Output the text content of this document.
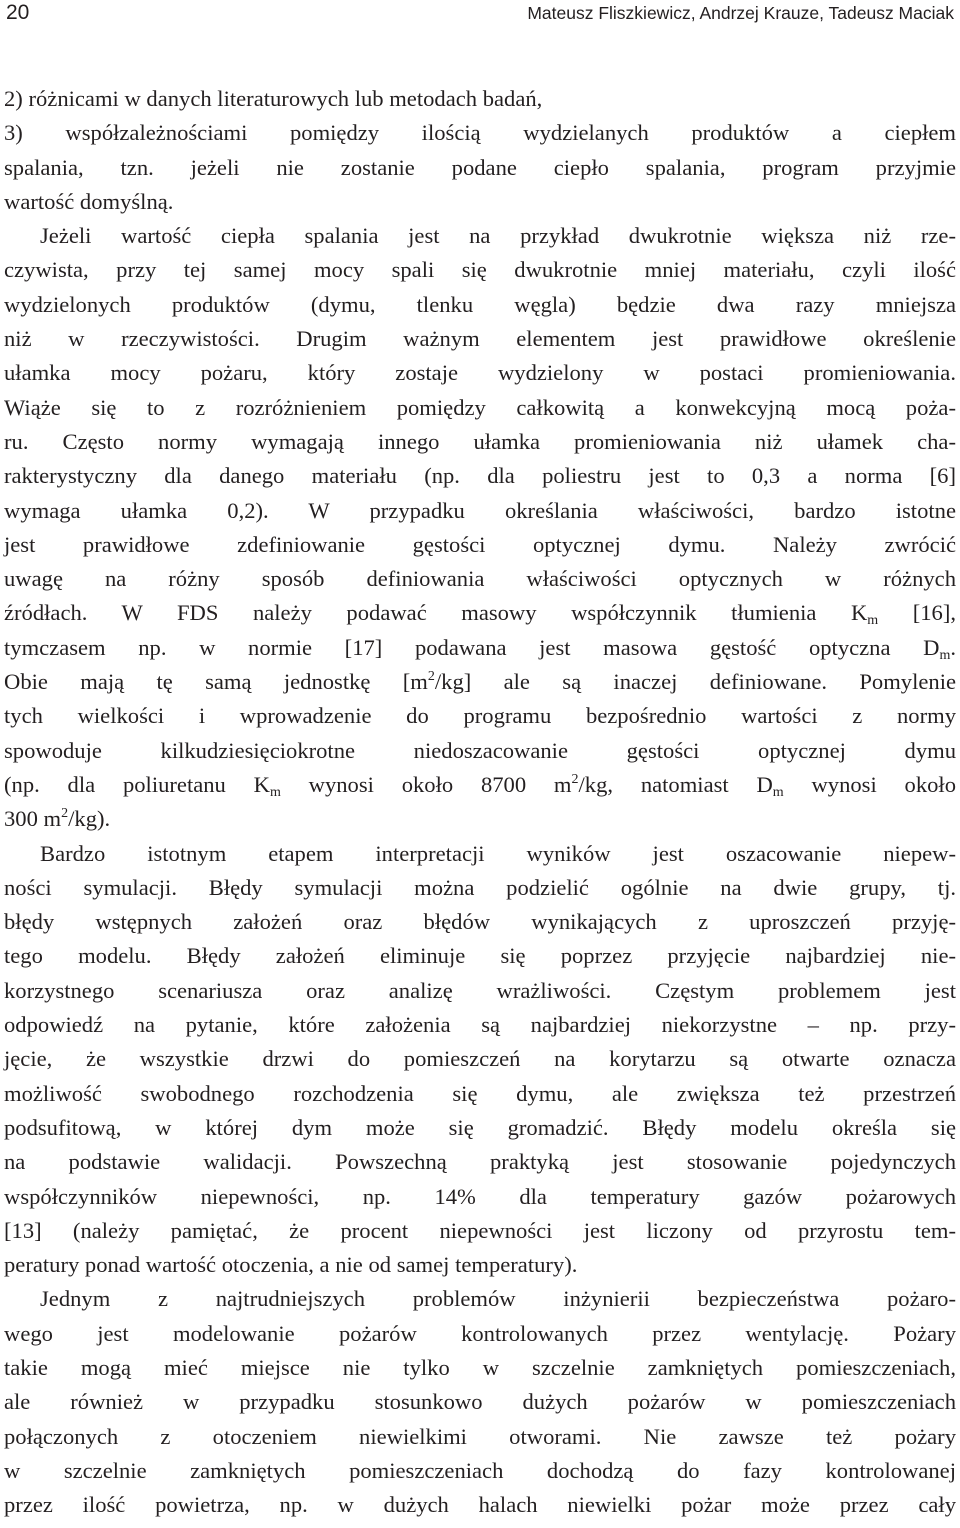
20	Mateusz Fliszkiewicz, Andrzej Krauze, Tadeusz Maciak
2) różnicami w danych literaturowych lub metodach badań,
3) współzależnościami pomiędzy ilością wydzielanych produktów a ciepłem
spalania, tzn. jeżeli nie zostanie podane ciepło spalania, program przyjmie
wartość domyślną.
Jeżeli wartość ciepła spalania jest na przykład dwukrotnie większa niż rze-
czywista, przy tej samej mocy spali się dwukrotnie mniej materiału, czyli ilość
wydzielonych produktów (dymu, tlenku węgla) będzie dwa razy mniejsza
niż w rzeczywistości. Drugim ważnym elementem jest prawidłowe określenie
ułamka mocy pożaru, który zostaje wydzielony w postaci promieniowania.
Wiąże się to z rozróżnieniem pomiędzy całkowitą a konwekcyjną mocą poża-
ru. Często normy wymagają innego ułamka promieniowania niż ułamek cha-
rakterystyczny dla danego materiału (np. dla poliestru jest to 0,3 a norma [6]
wymaga ułamka 0,2). W przypadku określania właściwości, bardzo istotne
jest prawidłowe zdefiniowanie gęstości optycznej dymu. Należy zwrócić
uwagę na różny sposób definiowania właściwości optycznych w różnych
źródłach. W FDS należy podawać masowy współczynnik tłumienia $K_m$ [16],
tymczasem np. w normie [17] podawana jest masowa gęstość optyczna $D_m$.
Obie mają tę samą jednostkę $[m^2/kg]$ ale są inaczej definiowane. Pomylenie
tych wielkości i wprowadzenie do programu bezpośrednio wartości z normy
spowoduje kilkudziesięciokrotne niedoszacowanie gęstości optycznej dymu
(np. dla poliuretanu $K_m$ wynosi około 8700 $m^2/kg$, natomiast $D_m$ wynosi około
300 $m^2/kg$).
Bardzo istotnym etapem interpretacji wyników jest oszacowanie niepew-
ności symulacji. Błędy symulacji można podzielić ogólnie na dwie grupy, tj.
błędy wstępnych założeń oraz błędów wynikających z uproszczeń przyję-
tego modelu. Błędy założeń eliminuje się poprzez przyjęcie najbardziej nie-
korzystnego scenariusza oraz analizę wrażliwości. Częstym problemem jest
odpowiedź na pytanie, które założenia są najbardziej niekorzystne – np. przy-
jęcie, że wszystkie drzwi do pomieszczeń na korytarzu są otwarte oznacza
możliwość swobodnego rozchodzenia się dymu, ale zwiększa też przestrzeń
podsufitową, w której dym może się gromadzić. Błędy modelu określa się
na podstawie walidacji. Powszechną praktyką jest stosowanie pojedynczych
współczynników niepewności, np. 14% dla temperatury gazów pożarowych
[13] (należy pamiętać, że procent niepewności jest liczony od przyrostu tem-
peratury ponad wartość otoczenia, a nie od samej temperatury).
Jednym z najtrudniejszych problemów inżynierii bezpieczeństwa pożaro-
wego jest modelowanie pożarów kontrolowanych przez wentylację. Pożary
takie mogą mieć miejsce nie tylko w szczelnie zamkniętych pomieszczeniach,
ale również w przypadku stosunkowo dużych pożarów w pomieszczeniach
połączonych z otoczeniem niewielkimi otworami. Nie zawsze też pożary
w szczelnie zamkniętych pomieszczeniach dochodzą do fazy kontrolowanej
przez ilość powietrza, np. w dużych halach niewielki pożar może przez cały
